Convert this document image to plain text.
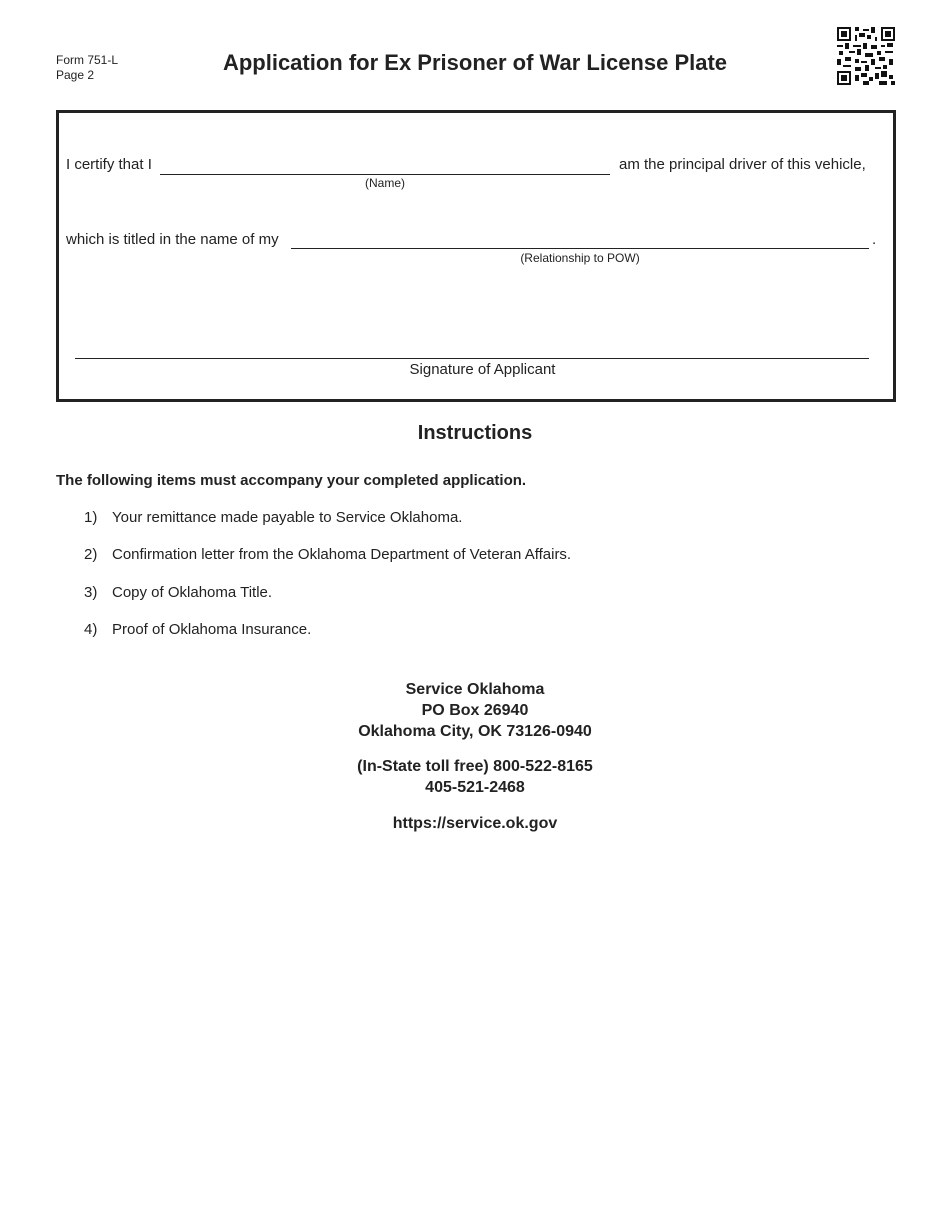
Form 751-L
Page 2	Application for Ex Prisoner of War License Plate
I certify that I	am the principal driver of this vehicle,
(Name)
which is titled in the name of my	.
(Relationship to POW)
Signature of Applicant
Instructions
The following items must accompany your completed application.
1) Your remittance made payable to Service Oklahoma.
2) Confirmation letter from the Oklahoma Department of Veteran Affairs.
3) Copy of Oklahoma Title.
4) Proof of Oklahoma Insurance.
Service Oklahoma
PO Box 26940
Oklahoma City, OK 73126-0940
(In-State toll free) 800-522-8165
405-521-2468
https://service.ok.gov
